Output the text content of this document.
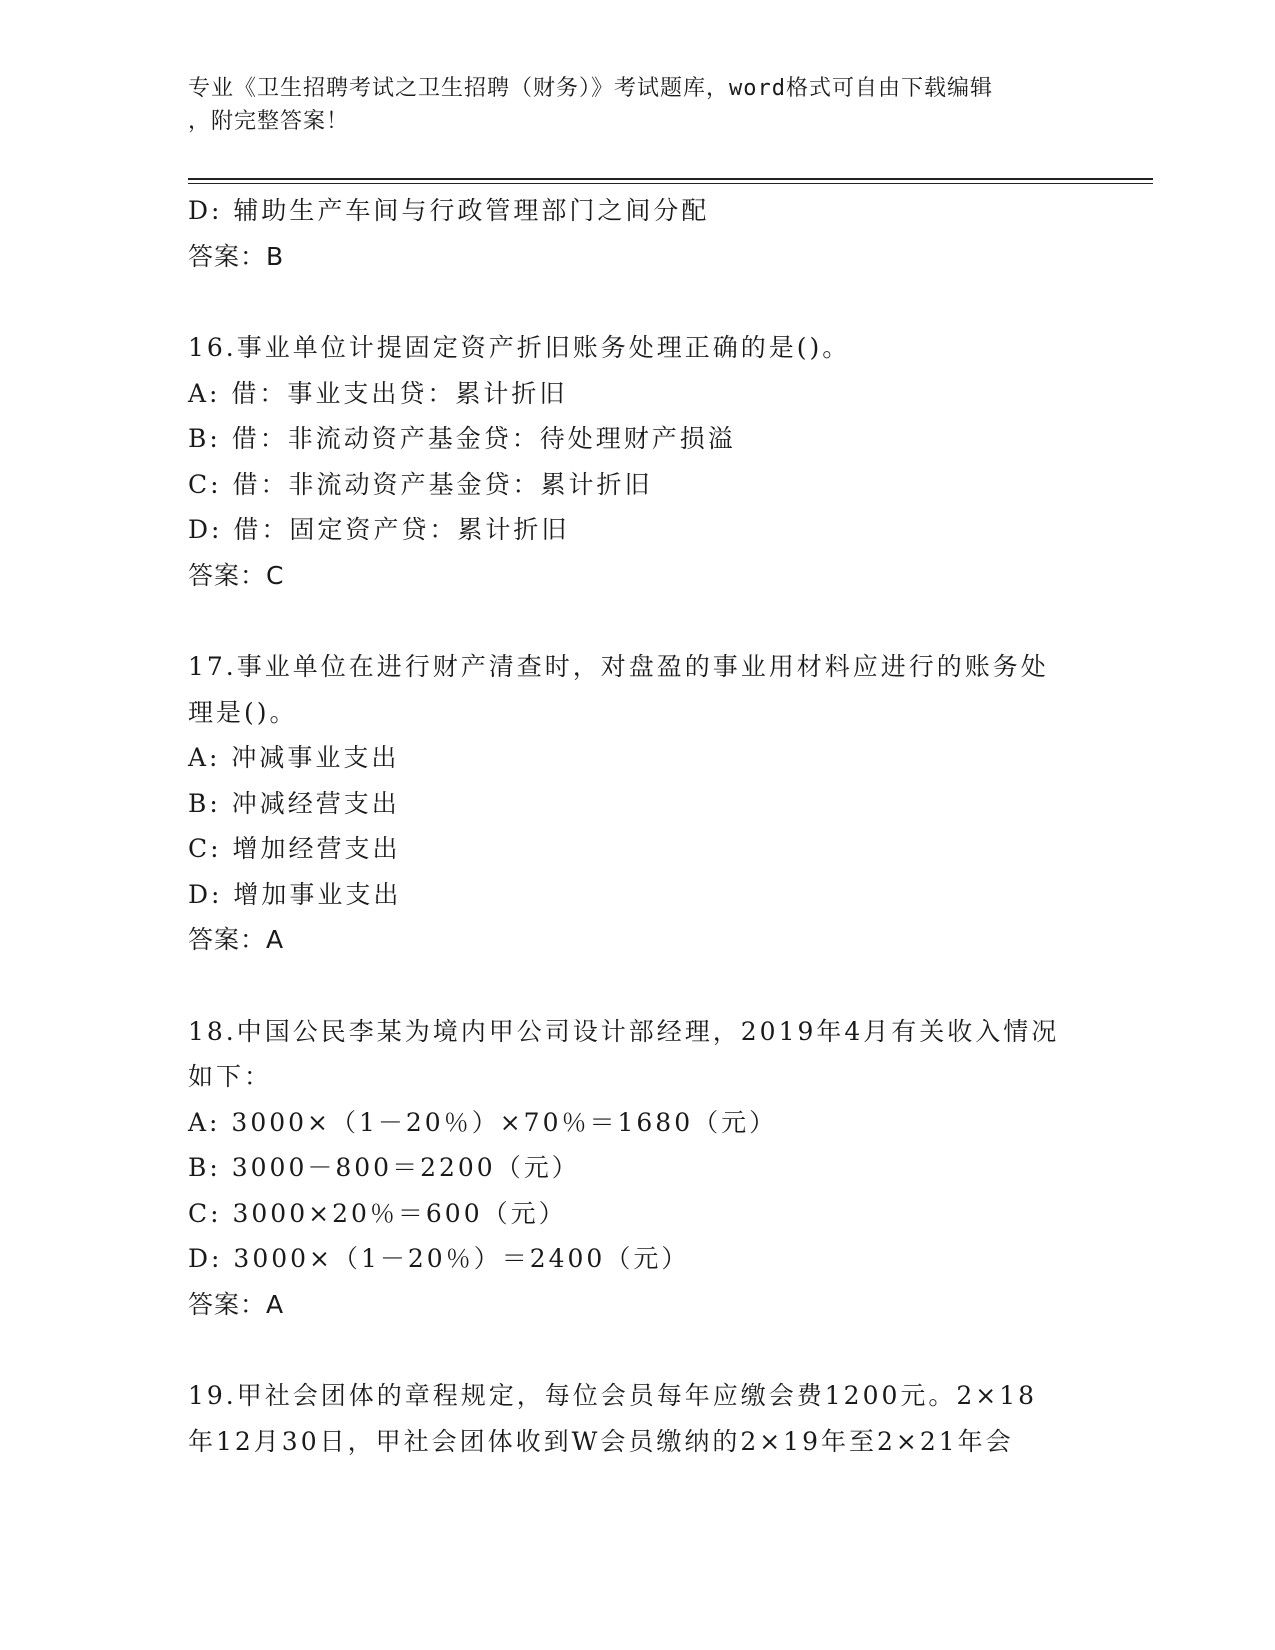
专业《卫生招聘考试之卫生招聘（财务）》考试题库，word格式可自由下载编辑
，附完整答案！
D: 辅助生产车间与行政管理部门之间分配
答案：B
16.事业单位计提固定资产折旧账务处理正确的是()。
A: 借：事业支出贷：累计折旧
B: 借：非流动资产基金贷：待处理财产损溢
C: 借：非流动资产基金贷：累计折旧
D: 借：固定资产贷：累计折旧
答案：C
17.事业单位在进行财产清查时，对盘盈的事业用材料应进行的账务处
理是()。
A: 冲减事业支出
B: 冲减经营支出
C: 增加经营支出
D: 增加事业支出
答案：A
18.中国公民李某为境内甲公司设计部经理，2019年4月有关收入情况
如下：
A: 3000×（1－20％）×70％＝1680（元）
B: 3000－800＝2200（元）
C: 3000×20％＝600（元）
D: 3000×（1－20％）＝2400（元）
答案：A
19.甲社会团体的章程规定，每位会员每年应缴会费1200元。2×18
年12月30日，甲社会团体收到W会员缴纳的2×19年至2×21年会
